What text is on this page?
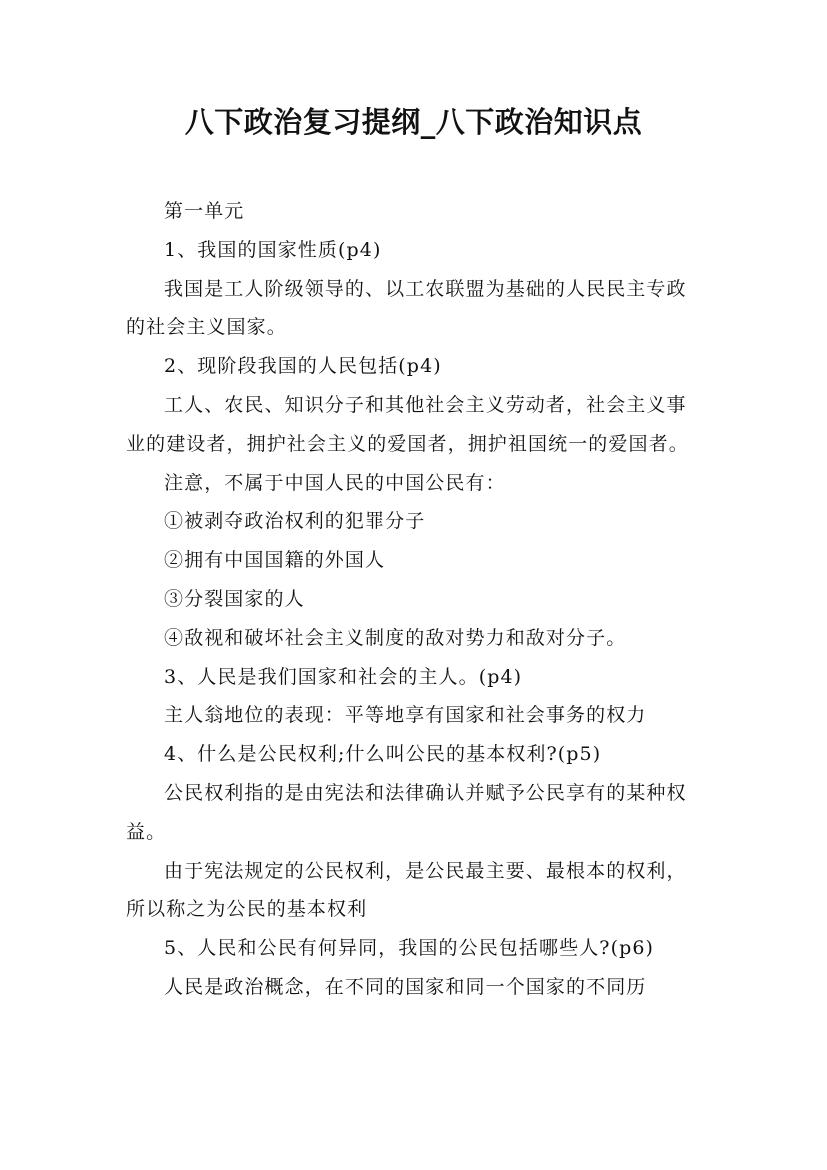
八下政治复习提纲_八下政治知识点

第一单元

1、我国的国家性质(p4)

我国是工人阶级领导的、以工农联盟为基础的人民民主专政的社会主义国家。

2、现阶段我国的人民包括(p4)

工人、农民、知识分子和其他社会主义劳动者，社会主义事业的建设者，拥护社会主义的爱国者，拥护祖国统一的爱国者。

注意，不属于中国人民的中国公民有：

①被剥夺政治权利的犯罪分子

②拥有中国国籍的外国人

③分裂国家的人

④敌视和破坏社会主义制度的敌对势力和敌对分子。

3、人民是我们国家和社会的主人。(p4)

主人翁地位的表现：平等地享有国家和社会事务的权力

4、什么是公民权利;什么叫公民的基本权利?(p5)

公民权利指的是由宪法和法律确认并赋予公民享有的某种权益。

由于宪法规定的公民权利，是公民最主要、最根本的权利，所以称之为公民的基本权利

5、人民和公民有何异同，我国的公民包括哪些人?(p6)

人民是政治概念，在不同的国家和同一个国家的不同历
